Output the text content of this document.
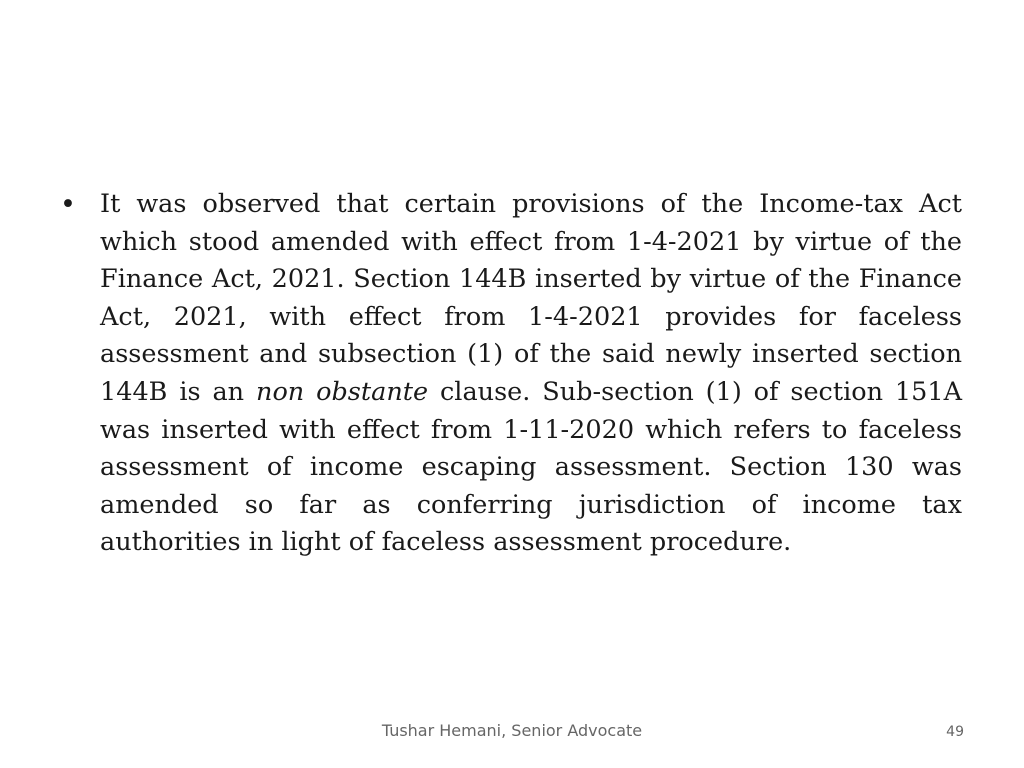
• It was observed that certain provisions of the Income-tax Act which stood amended with effect from 1-4-2021 by virtue of the Finance Act, 2021. Section 144B inserted by virtue of the Finance Act, 2021, with effect from 1-4-2021 provides for faceless assessment and subsection (1) of the said newly inserted section 144B is an non obstante clause. Sub-section (1) of section 151A was inserted with effect from 1-11-2020 which refers to faceless assessment of income escaping assessment. Section 130 was amended so far as conferring jurisdiction of income tax authorities in light of faceless assessment procedure.

Tushar Hemani, Senior Advocate	49
